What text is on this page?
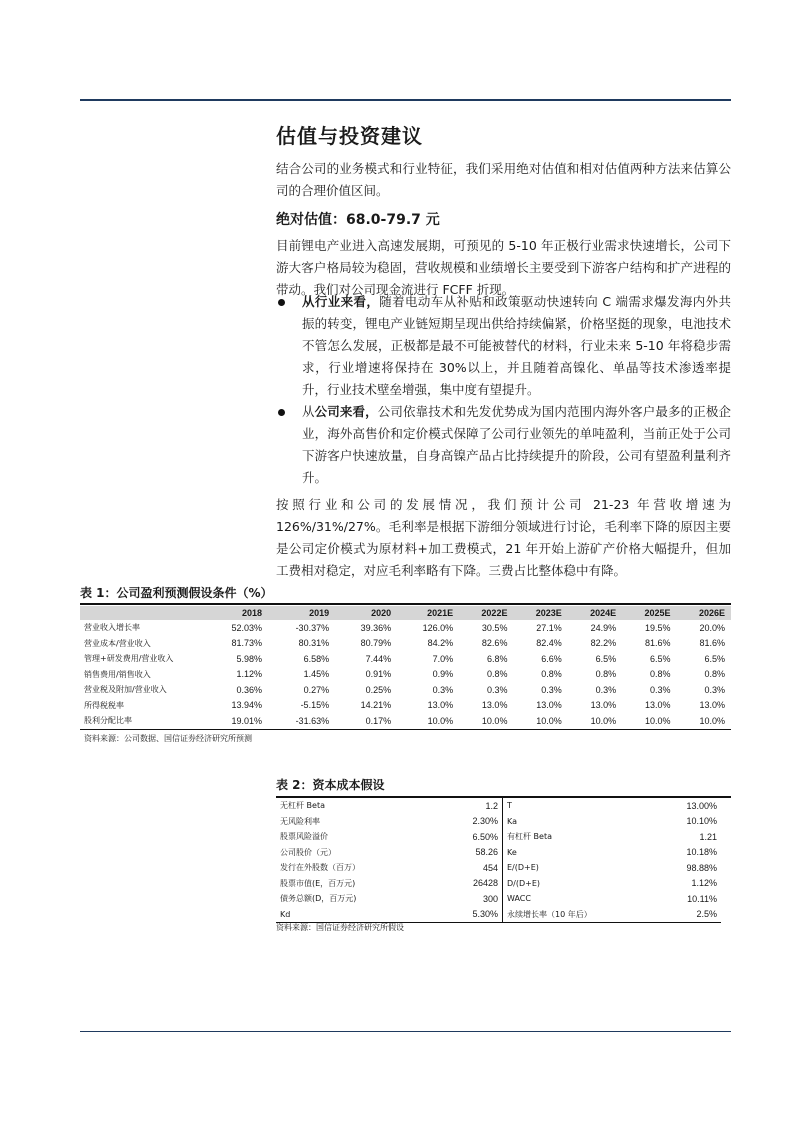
估值与投资建议
结合公司的业务模式和行业特征，我们采用绝对估值和相对估值两种方法来估算公司的合理价值区间。
绝对估值：68.0-79.7 元
目前锂电产业进入高速发展期，可预见的 5-10 年正极行业需求快速增长，公司下游大客户格局较为稳固，营收规模和业绩增长主要受到下游客户结构和扩产进程的带动。我们对公司现金流进行 FCFF 折现。
从行业来看，随着电动车从补贴和政策驱动快速转向 C 端需求爆发海内外共振的转变，锂电产业链短期呈现出供给持续偏紧，价格坚挺的现象，电池技术不管怎么发展，正极都是最不可能被替代的材料，行业未来 5-10 年将稳步需求，行业增速将保持在 30%以上，并且随着高镍化、单晶等技术渗透率提升，行业技术壁垒增强，集中度有望提升。
从公司来看，公司依靠技术和先发优势成为国内范围内海外客户最多的正极企业，海外高售价和定价模式保障了公司行业领先的单吨盈利，当前正处于公司下游客户快速放量，自身高镍产品占比持续提升的阶段，公司有望盈利量利齐升。
按照行业和公司的发展情况，我们预计公司 21-23 年营收增速为126%/31%/27%。毛利率是根据下游细分领域进行讨论，毛利率下降的原因主要是公司定价模式为原材料+加工费模式，21 年开始上游矿产价格大幅提升，但加工费相对稳定，对应毛利率略有下降。三费占比整体稳中有降。
表 1：公司盈利预测假设条件（%）
	2018	2019	2020	2021E	2022E	2023E	2024E	2025E	2026E
营业收入增长率	52.03%	-30.37%	39.36%	126.0%	30.5%	27.1%	24.9%	19.5%	20.0%
营业成本/营业收入	81.73%	80.31%	80.79%	84.2%	82.6%	82.4%	82.2%	81.6%	81.6%
管理+研发费用/营业收入	5.98%	6.58%	7.44%	7.0%	6.8%	6.6%	6.5%	6.5%	6.5%
销售费用/销售收入	1.12%	1.45%	0.91%	0.9%	0.8%	0.8%	0.8%	0.8%	0.8%
营业税及附加/营业收入	0.36%	0.27%	0.25%	0.3%	0.3%	0.3%	0.3%	0.3%	0.3%
所得税税率	13.94%	-5.15%	14.21%	13.0%	13.0%	13.0%	13.0%	13.0%	13.0%
股利分配比率	19.01%	-31.63%	0.17%	10.0%	10.0%	10.0%	10.0%	10.0%	10.0%
资料来源：公司数据、国信证券经济研究所预测
表 2：资本成本假设
无杠杆 Beta	1.2	T	13.00%
无风险利率	2.30%	Ka	10.10%
股票风险溢价	6.50%	有杠杆 Beta	1.21
公司股价（元）	58.26	Ke	10.18%
发行在外股数（百万）	454	E/(D+E)	98.88%
股票市值(E，百万元)	26428	D/(D+E)	1.12%
债务总额(D，百万元)	300	WACC	10.11%
Kd	5.30%	永续增长率（10 年后）	2.5%
资料来源：国信证券经济研究所假设
